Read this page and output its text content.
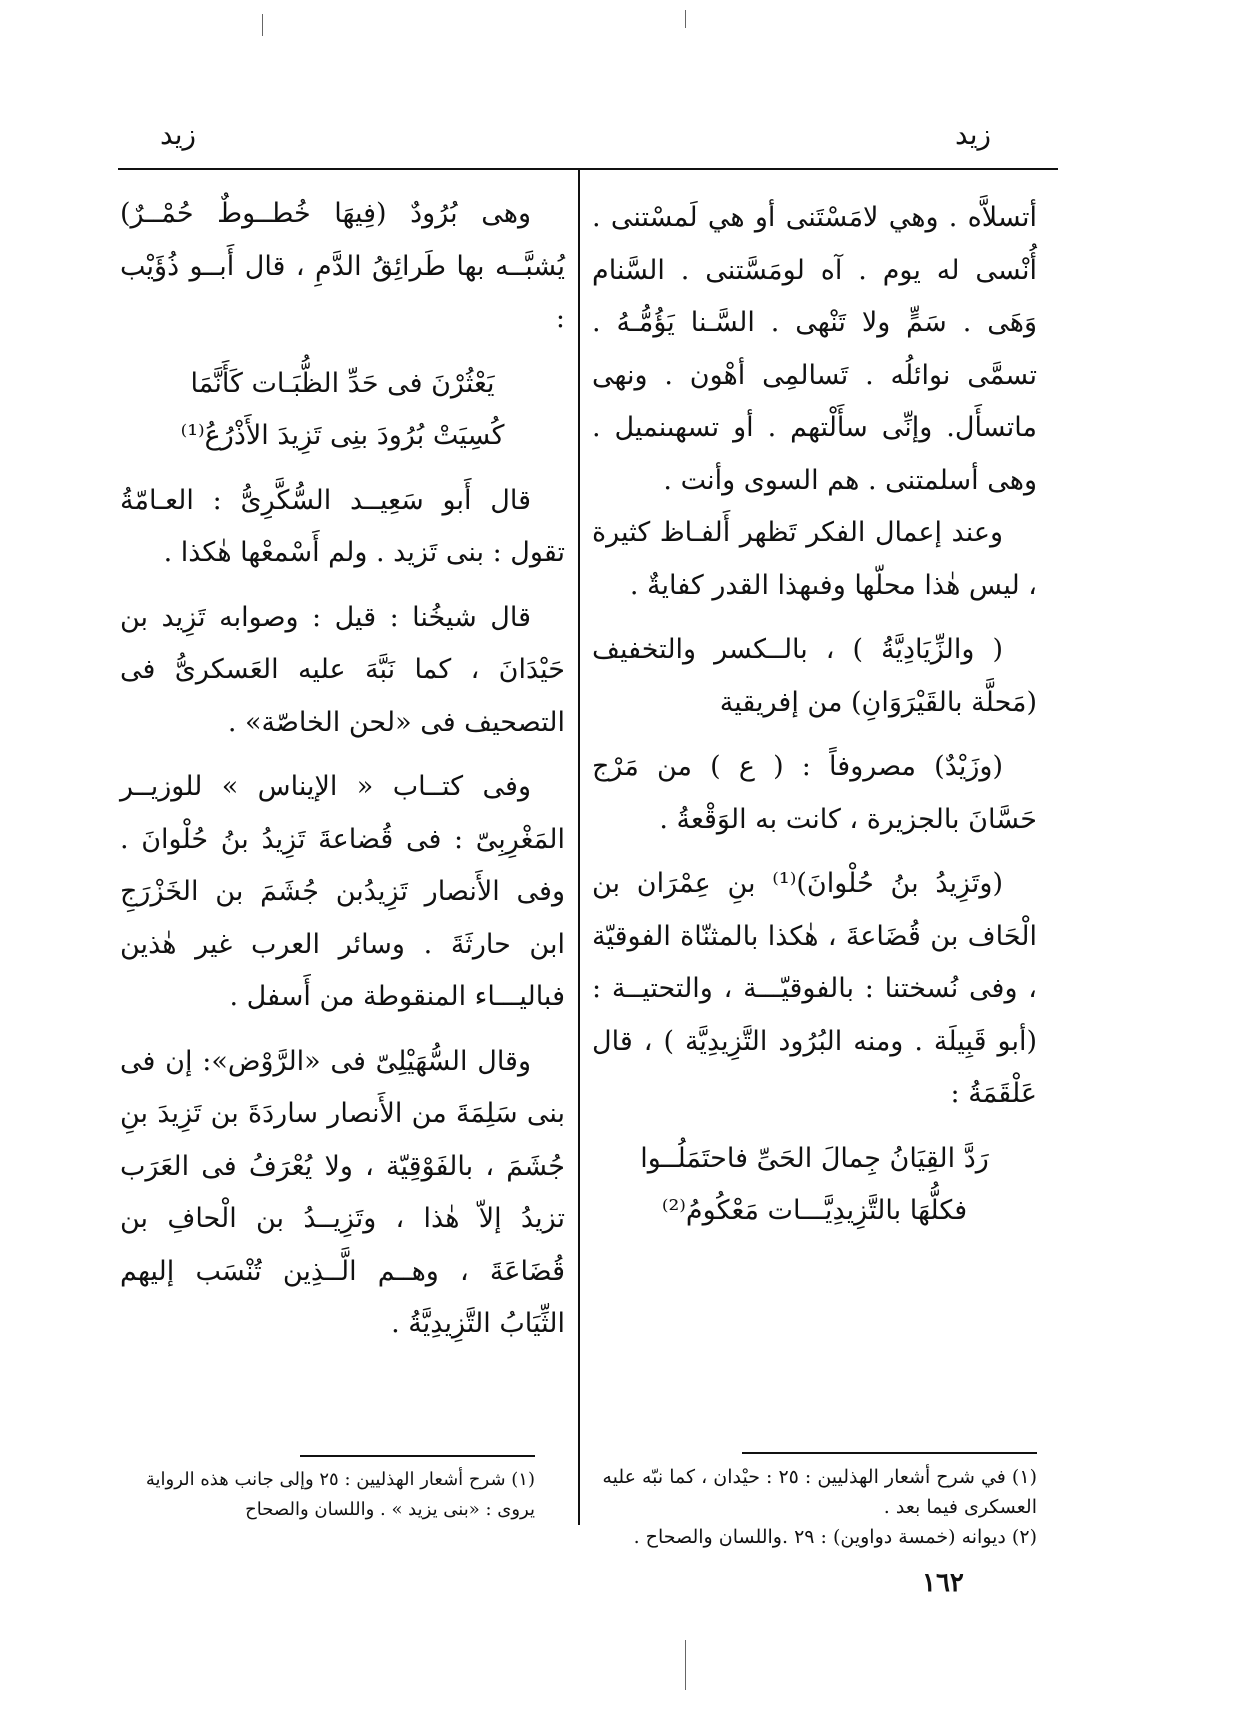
زيد
زيد

أتسلاَّه . وهي لامَسْتَنى أو هي لَمسْتنى . أُنْسى له يوم . آه لومَسَّتنى . السَّنام وَهَى . سَمٍّ ولا تَنْهى . السَّـنا يَؤُمُّـهُ . تسمَّى نوائلُه . تَسالمِى أهْون . ونهى ماتسأَل. وإنِّى سأَلْتهم . أو تسهىنميل . وهى أسلمتنى . هم السوى وأنت .

وعند إعمال الفكر تَظهر أَلفـاظ كثيرة ، ليس هٰذا محلّها وفىهذا القدر كفايةٌ .

( والزِّيَادِيَّةُ ) ، بالــكسر والتخفيف (مَحلَّة بالقَيْرَوَانِ) من إفريقية

(وزَيْدٌ) مصروفاً : ( ع ) من مَرْج حَسَّانَ بالجزيرة ، كانت به الوَقْعةُ .

(وتَزِيدُ بنُ حُلْوانَ)⁽¹⁾ بنِ عِمْرَان بن الْحَاف بن قُضَاعةَ ، هٰكذا بالمثنّاة الفوقيّة ، وفى نُسختنا : بالفوقيّـــة ، والتحتيــة : (أبو قَبِيلَة . ومنه البُرُود التَّزِيدِيَّة ) ، قال عَلْقَمَةُ :

رَدَّ القِيَانُ جِمالَ الحَىِّ فاحتَمَلُــوا

فكلُّهَا بالتَّزِيدِيَّـــات مَعْكُومُ⁽²⁾

وهى بُرُودٌ (فِيهَا خُطــوطٌ حُمْــرٌ) يُشبَّــه بها طَرائِقُ الدَّمِ ، قال أَبــو ذُؤَيْب :

يَعْثُرْنَ فى حَدِّ الظُّبَـات كَأَنَّمَا

كُسِيَتْ بُرُودَ بنِى تَزِيدَ الأَذْرُعُ⁽¹⁾

قال أَبو سَعِيــد السُّكَّرِىُّ : العـامّةُ تقول : بنى تَزيد . ولم أَسْمعْها هٰكذا .

قال شيخُنا : قيل : وصوابه تَزِيد بن حَيْدَانَ ، كما نَبَّهَ عليه العَسكرىُّ فى التصحيف فى «لحن الخاصّة» .

وفى كتــاب « الإيناس » للوزيــر المَغْرِبِىّ : فى قُضاعةَ تَزِيدُ بنُ حُلْوانَ . وفى الأَنصار تَزِيدُبن جُشَمَ بن الخَزْرَجِ ابن حارثَةَ . وسائر العرب غير هٰذين فباليـــاء المنقوطة من أَسفل .

وقال السُّهَيْلِىّ فى «الرَّوْض»: إن فى بنى سَلِمَةَ من الأَنصار ساردَةَ بن تَزِيدَ بنِ جُشَمَ ، بالفَوْقِيّة ، ولا يُعْرَفُ فى العَرَب تزيدُ إلاّ هٰذا ، وتَزِيــدُ بن الْحافِ بن قُضَاعَةَ ، وهــم الَّــذِين تُنْسَب إليهم الثِّيَابُ التَّزِيدِيَّةُ .

(١) في شرح أشعار الهذليين : ٢٥ : حيْدان ، كما نبّه عليه العسكرى فيما بعد .
(٢) ديوانه (خمسة دواوين) : ٢٩ .واللسان والصحاح .
(١) شرح أشعار الهذليين : ٢٥ وإلى جانب هذه الرواية
يروى : «بنى يزيد » . واللسان والصحاح
١٦٢
